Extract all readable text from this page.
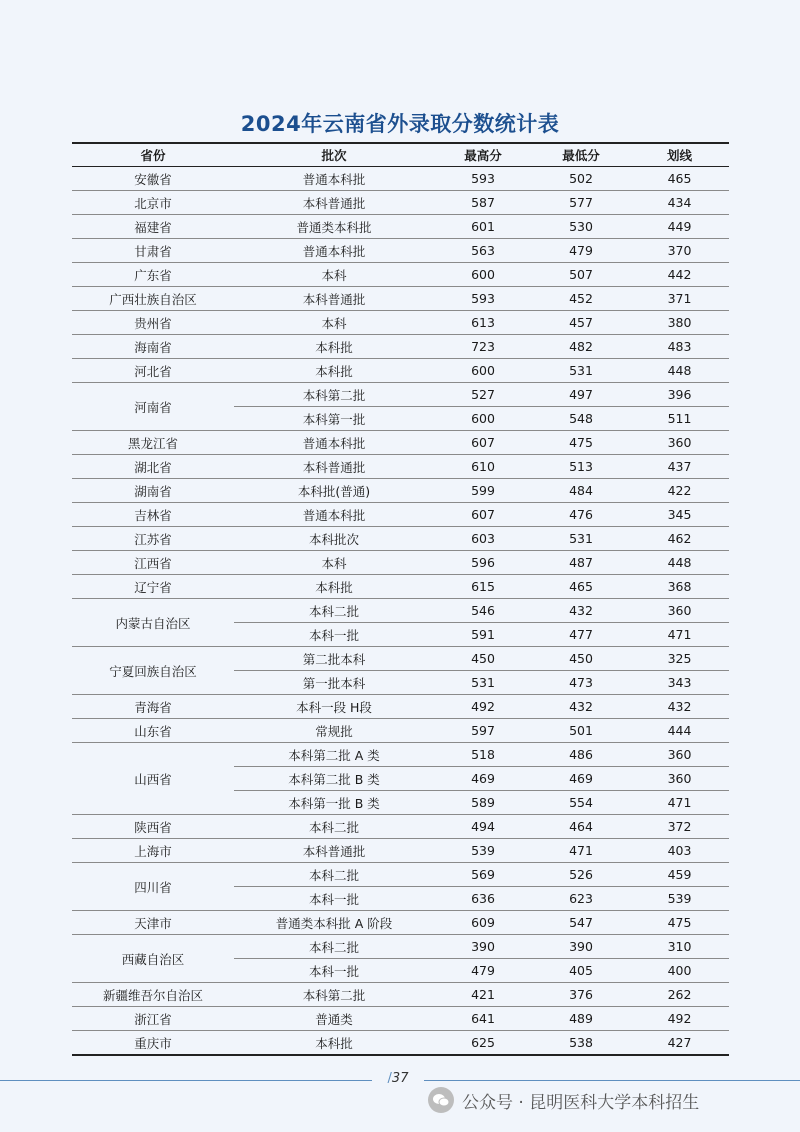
2024年云南省外录取分数统计表
省份	批次	最高分	最低分	划线
安徽省	普通本科批	593	502	465
北京市	本科普通批	587	577	434
福建省	普通类本科批	601	530	449
甘肃省	普通本科批	563	479	370
广东省	本科	600	507	442
广西壮族自治区	本科普通批	593	452	371
贵州省	本科	613	457	380
海南省	本科批	723	482	483
河北省	本科批	600	531	448
河南省	本科第二批	527	497	396
	本科第一批	600	548	511
黑龙江省	普通本科批	607	475	360
湖北省	本科普通批	610	513	437
湖南省	本科批(普通)	599	484	422
吉林省	普通本科批	607	476	345
江苏省	本科批次	603	531	462
江西省	本科	596	487	448
辽宁省	本科批	615	465	368
内蒙古自治区	本科二批	546	432	360
	本科一批	591	477	471
宁夏回族自治区	第二批本科	450	450	325
	第一批本科	531	473	343
青海省	本科一段 H段	492	432	432
山东省	常规批	597	501	444
山西省	本科第二批 A 类	518	486	360
	本科第二批 B 类	469	469	360
	本科第一批 B 类	589	554	471
陕西省	本科二批	494	464	372
上海市	本科普通批	539	471	403
四川省	本科二批	569	526	459
	本科一批	636	623	539
天津市	普通类本科批 A 阶段	609	547	475
西藏自治区	本科二批	390	390	310
	本科一批	479	405	400
新疆维吾尔自治区	本科第二批	421	376	262
浙江省	普通类	641	489	492
重庆市	本科批	625	538	427
/37
公众号 · 昆明医科大学本科招生
